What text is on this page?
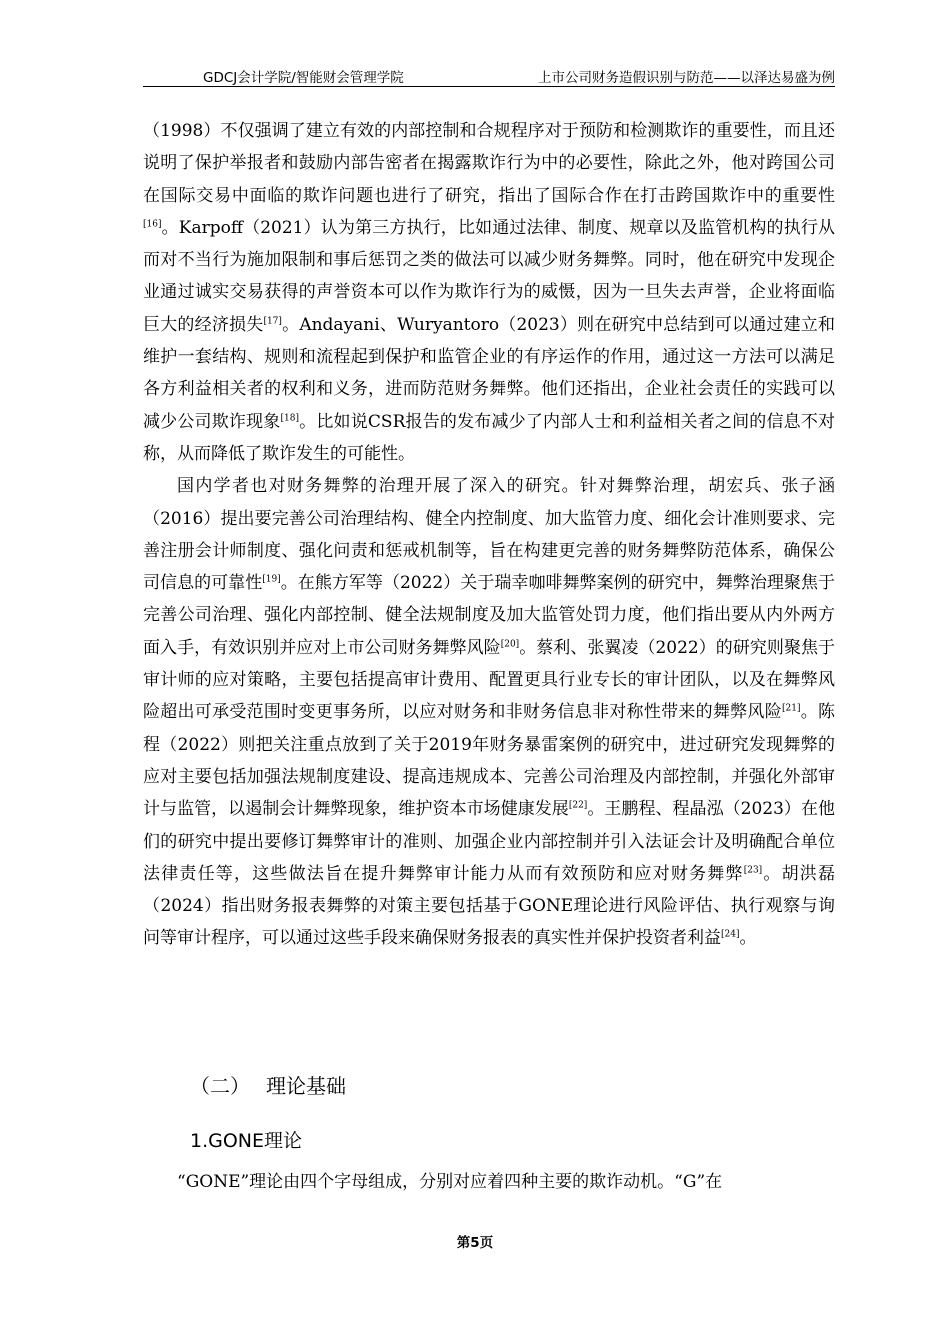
GDCJ会计学院/智能财会管理学院	上市公司财务造假识别与防范——以泽达易盛为例

（1998）不仅强调了建立有效的内部控制和合规程序对于预防和检测欺诈的重要性，而且还说明了保护举报者和鼓励内部告密者在揭露欺诈行为中的必要性，除此之外，他对跨国公司在国际交易中面临的欺诈问题也进行了研究，指出了国际合作在打击跨国欺诈中的重要性[16]。Karpoff（2021）认为第三方执行，比如通过法律、制度、规章以及监管机构的执行从而对不当行为施加限制和事后惩罚之类的做法可以减少财务舞弊。同时，他在研究中发现企业通过诚实交易获得的声誉资本可以作为欺诈行为的威慑，因为一旦失去声誉，企业将面临巨大的经济损失[17]。Andayani、Wuryantoro（2023）则在研究中总结到可以通过建立和维护一套结构、规则和流程起到保护和监管企业的有序运作的作用，通过这一方法可以满足各方利益相关者的权利和义务，进而防范财务舞弊。他们还指出，企业社会责任的实践可以减少公司欺诈现象[18]。比如说CSR报告的发布减少了内部人士和利益相关者之间的信息不对称，从而降低了欺诈发生的可能性。

国内学者也对财务舞弊的治理开展了深入的研究。针对舞弊治理，胡宏兵、张子涵（2016）提出要完善公司治理结构、健全内控制度、加大监管力度、细化会计准则要求、完善注册会计师制度、强化问责和惩戒机制等，旨在构建更完善的财务舞弊防范体系，确保公司信息的可靠性[19]。在熊方军等（2022）关于瑞幸咖啡舞弊案例的研究中，舞弊治理聚焦于完善公司治理、强化内部控制、健全法规制度及加大监管处罚力度，他们指出要从内外两方面入手，有效识别并应对上市公司财务舞弊风险[20]。蔡利、张翼凌（2022）的研究则聚焦于审计师的应对策略，主要包括提高审计费用、配置更具行业专长的审计团队，以及在舞弊风险超出可承受范围时变更事务所，以应对财务和非财务信息非对称性带来的舞弊风险[21]。陈程（2022）则把关注重点放到了关于2019年财务暴雷案例的研究中，进过研究发现舞弊的应对主要包括加强法规制度建设、提高违规成本、完善公司治理及内部控制，并强化外部审计与监管，以遏制会计舞弊现象，维护资本市场健康发展[22]。王鹏程、程晶泓（2023）在他们的研究中提出要修订舞弊审计的准则、加强企业内部控制并引入法证会计及明确配合单位法律责任等，这些做法旨在提升舞弊审计能力从而有效预防和应对财务舞弊[23]。胡洪磊（2024）指出财务报表舞弊的对策主要包括基于GONE理论进行风险评估、执行观察与询问等审计程序，可以通过这些手段来确保财务报表的真实性并保护投资者利益[24]。

（二） 理论基础
1.GONE理论
“GONE”理论由四个字母组成，分别对应着四种主要的欺诈动机。“G”在
第5页
